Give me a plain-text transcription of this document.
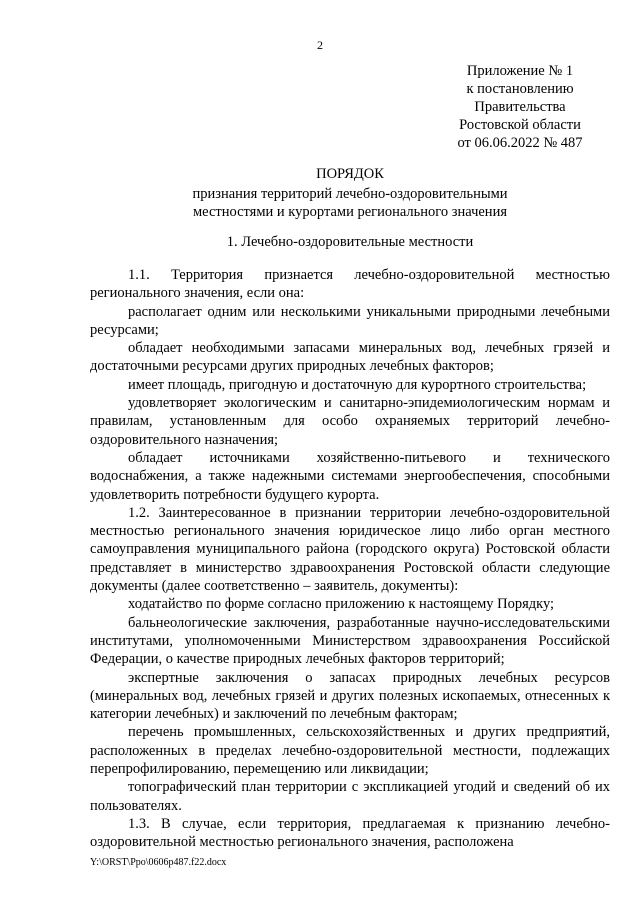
2
Приложение № 1
к постановлению
Правительства
Ростовской области
от 06.06.2022 № 487
ПОРЯДОК
признания территорий лечебно-оздоровительными
местностями и курортами регионального значения
1. Лечебно-оздоровительные местности

1.1. Территория признается лечебно-оздоровительной местностью регионального значения, если она:

располагает одним или несколькими уникальными природными лечебными ресурсами;

обладает необходимыми запасами минеральных вод, лечебных грязей и достаточными ресурсами других природных лечебных факторов;

имеет площадь, пригодную и достаточную для курортного строительства;

удовлетворяет экологическим и санитарно-эпидемиологическим нормам и правилам, установленным для особо охраняемых территорий лечебно-оздоровительного назначения;

обладает источниками хозяйственно-питьевого и технического водоснабжения, а также надежными системами энергообеспечения, способными удовлетворить потребности будущего курорта.

1.2. Заинтересованное в признании территории лечебно-оздоровительной местностью регионального значения юридическое лицо либо орган местного самоуправления муниципального района (городского округа) Ростовской области представляет в министерство здравоохранения Ростовской области следующие документы (далее соответственно – заявитель, документы):

ходатайство по форме согласно приложению к настоящему Порядку;

бальнеологические заключения, разработанные научно-исследовательскими институтами, уполномоченными Министерством здравоохранения Российской Федерации, о качестве природных лечебных факторов территорий;

экспертные заключения о запасах природных лечебных ресурсов (минеральных вод, лечебных грязей и других полезных ископаемых, отнесенных к категории лечебных) и заключений по лечебным факторам;

перечень промышленных, сельскохозяйственных и других предприятий, расположенных в пределах лечебно-оздоровительной местности, подлежащих перепрофилированию, перемещению или ликвидации;

топографический план территории с экспликацией угодий и сведений об их пользователях.

1.3. В случае, если территория, предлагаемая к признанию лечебно-оздоровительной местностью регионального значения, расположена

Y:\ORST\Ppo\0606p487.f22.docx
